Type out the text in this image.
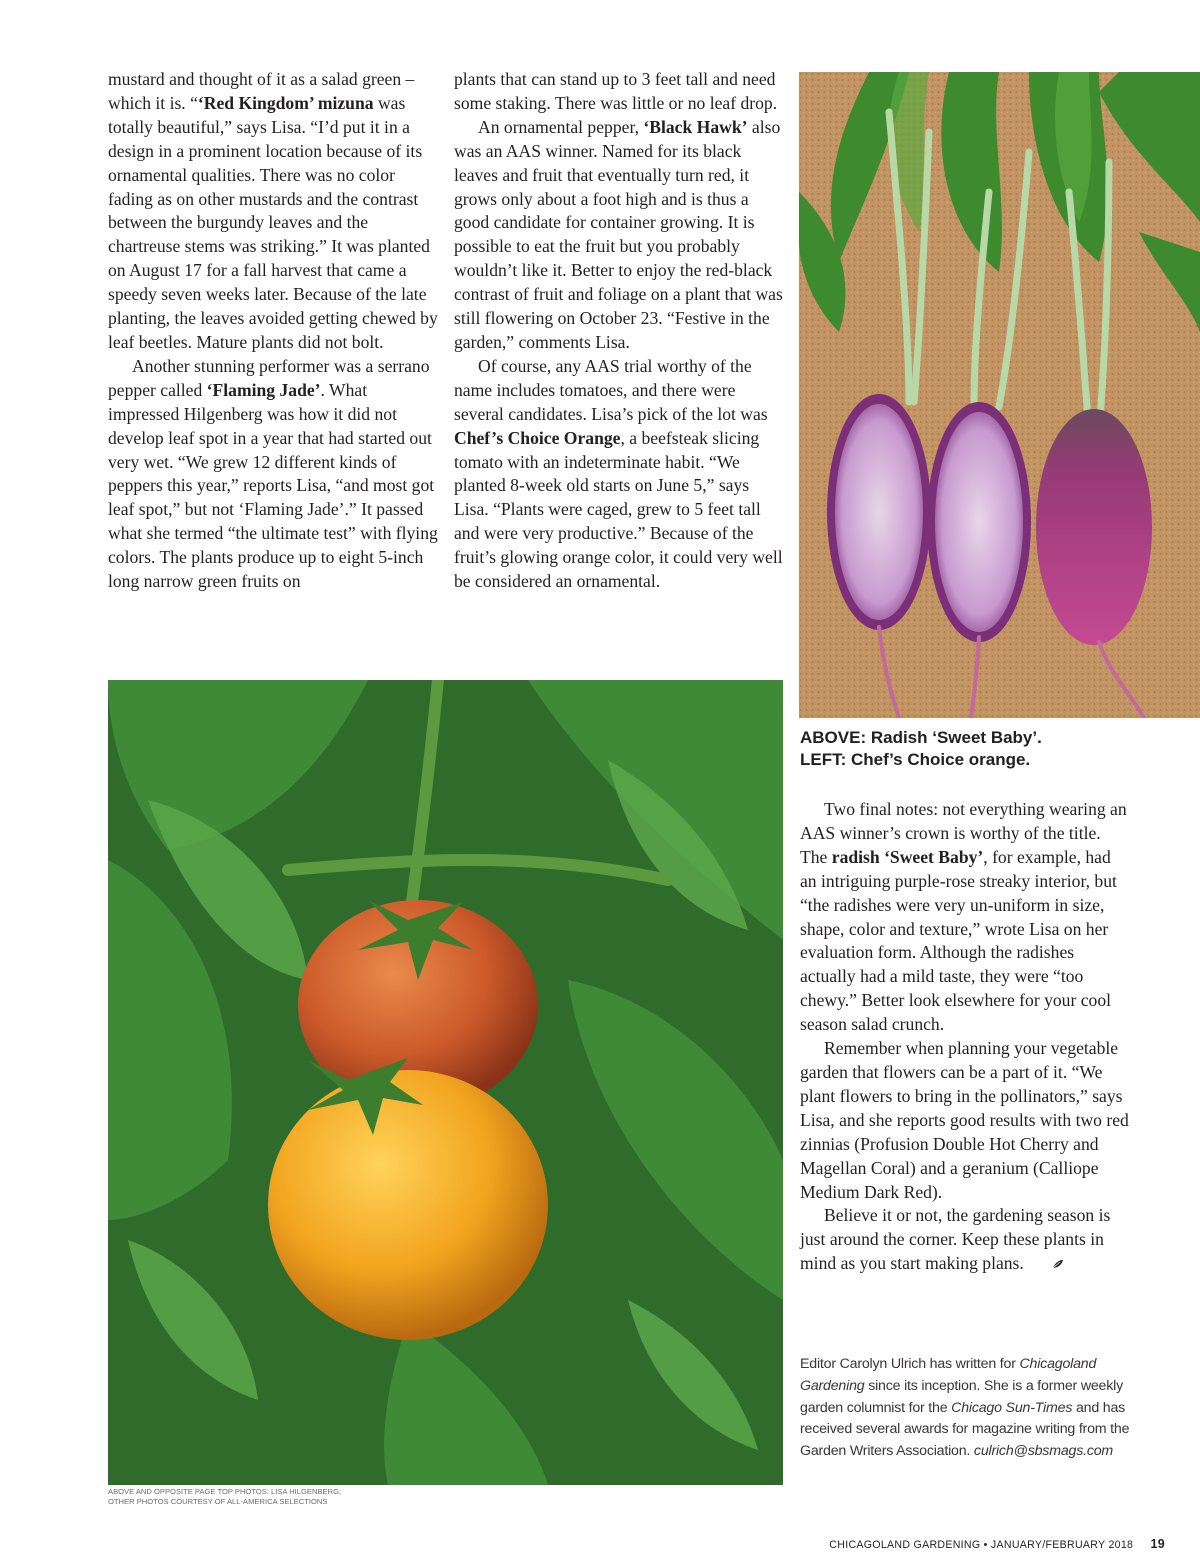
mustard and thought of it as a salad green – which it is. “‘Red Kingdom’ mizuna was totally beautiful,” says Lisa. “I’d put it in a design in a prominent location because of its ornamental qualities. There was no color fading as on other mustards and the contrast between the burgundy leaves and the chartreuse stems was striking.” It was planted on August 17 for a fall harvest that came a speedy seven weeks later. Because of the late planting, the leaves avoided getting chewed by leaf beetles. Mature plants did not bolt.

Another stunning performer was a serrano pepper called ‘Flaming Jade’. What impressed Hilgenberg was how it did not develop leaf spot in a year that had started out very wet. “We grew 12 different kinds of peppers this year,” reports Lisa, “and most got leaf spot,” but not ‘Flaming Jade’.” It passed what she termed “the ultimate test” with flying colors. The plants produce up to eight 5-inch long narrow green fruits on

plants that can stand up to 3 feet tall and need some staking. There was little or no leaf drop.

An ornamental pepper, ‘Black Hawk’ also was an AAS winner. Named for its black leaves and fruit that eventually turn red, it grows only about a foot high and is thus a good candidate for container growing. It is possible to eat the fruit but you probably wouldn’t like it. Better to enjoy the red-black contrast of fruit and foliage on a plant that was still flowering on October 23. “Festive in the garden,” comments Lisa.

Of course, any AAS trial worthy of the name includes tomatoes, and there were several candidates. Lisa’s pick of the lot was Chef’s Choice Orange, a beefsteak slicing tomato with an indeterminate habit. “We planted 8-week old starts on June 5,” says Lisa. “Plants were caged, grew to 5 feet tall and were very productive.” Because of the fruit’s glowing orange color, it could very well be considered an ornamental.

ABOVE: Radish ‘Sweet Baby’.
LEFT: Chef’s Choice orange.

Two final notes: not everything wearing an AAS winner’s crown is worthy of the title. The radish ‘Sweet Baby’, for example, had an intriguing purple-rose streaky interior, but “the radishes were very un-uniform in size, shape, color and texture,” wrote Lisa on her evaluation form. Although the radishes actually had a mild taste, they were “too chewy.” Better look elsewhere for your cool season salad crunch.

Remember when planning your vegetable garden that flowers can be a part of it. “We plant flowers to bring in the pollinators,” says Lisa, and she reports good results with two red zinnias (Profusion Double Hot Cherry and Magellan Coral) and a geranium (Calliope Medium Dark Red).

Believe it or not, the gardening season is just around the corner. Keep these plants in mind as you start making plans.

Editor Carolyn Ulrich has written for Chicagoland Gardening since its inception. She is a former weekly garden columnist for the Chicago Sun-Times and has received several awards for magazine writing from the Garden Writers Association. culrich@sbsmags.com
ABOVE AND OPPOSITE PAGE TOP PHOTOS: LISA HILGENBERG;
OTHER PHOTOS COURTESY OF ALL-AMERICA SELECTIONS
CHICAGOLAND GARDENING • JANUARY/FEBRUARY 2018 19
